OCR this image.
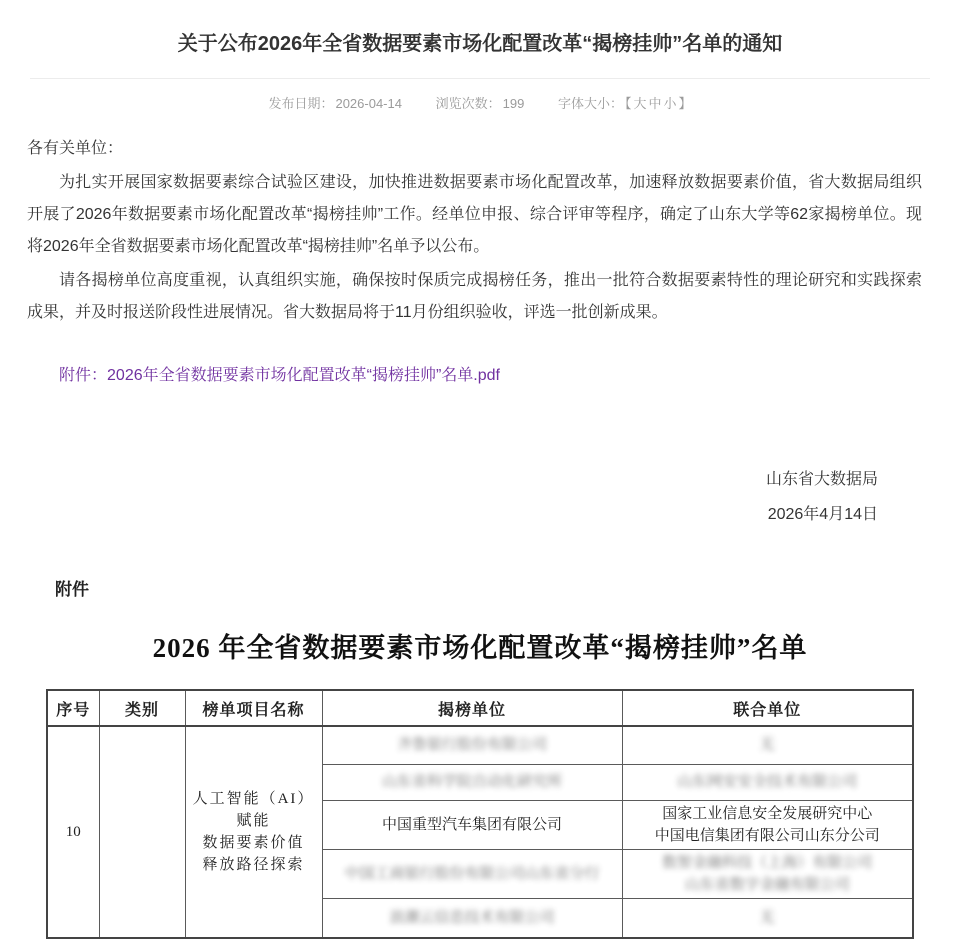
关于公布2026年全省数据要素市场化配置改革“揭榜挂帅”名单的通知
发布日期： 2026-04-14	浏览次数： 199	字体大小： 【 大 中 小 】
各有关单位：

为扎实开展国家数据要素综合试验区建设，加快推进数据要素市场化配置改革，加速释放数据要素价值，省大数据局组织开展了2026年数据要素市场化配置改革“揭榜挂帅”工作。经单位申报、综合评审等程序，确定了山东大学等62家揭榜单位。现将2026年全省数据要素市场化配置改革“揭榜挂帅”名单予以公布。

请各揭榜单位高度重视，认真组织实施，确保按时保质完成揭榜任务，推出一批符合数据要素特性的理论研究和实践探索成果，并及时报送阶段性进展情况。省大数据局将于11月份组织验收，评选一批创新成果。

附件：2026年全省数据要素市场化配置改革“揭榜挂帅”名单.pdf
山东省大数据局
2026年4月14日
附件
2026 年全省数据要素市场化配置改革“揭榜挂帅”名单
序号	类别	榜单项目名称	揭榜单位	联合单位
10		人工智能（AI）赋能
数据要素价值
释放路径探索	齐鲁银行股份有限公司	无
			山东省科学院自动化研究所	山东网安安全技术有限公司
			中国重型汽车集团有限公司	国家工业信息安全发展研究中心
中国电信集团有限公司山东分公司

			中国工商银行股份有限公司山东省分行	数智金融科技（上海）有限公司
山东省数字金融有限公司

			浪潮云信息技术有限公司	无
